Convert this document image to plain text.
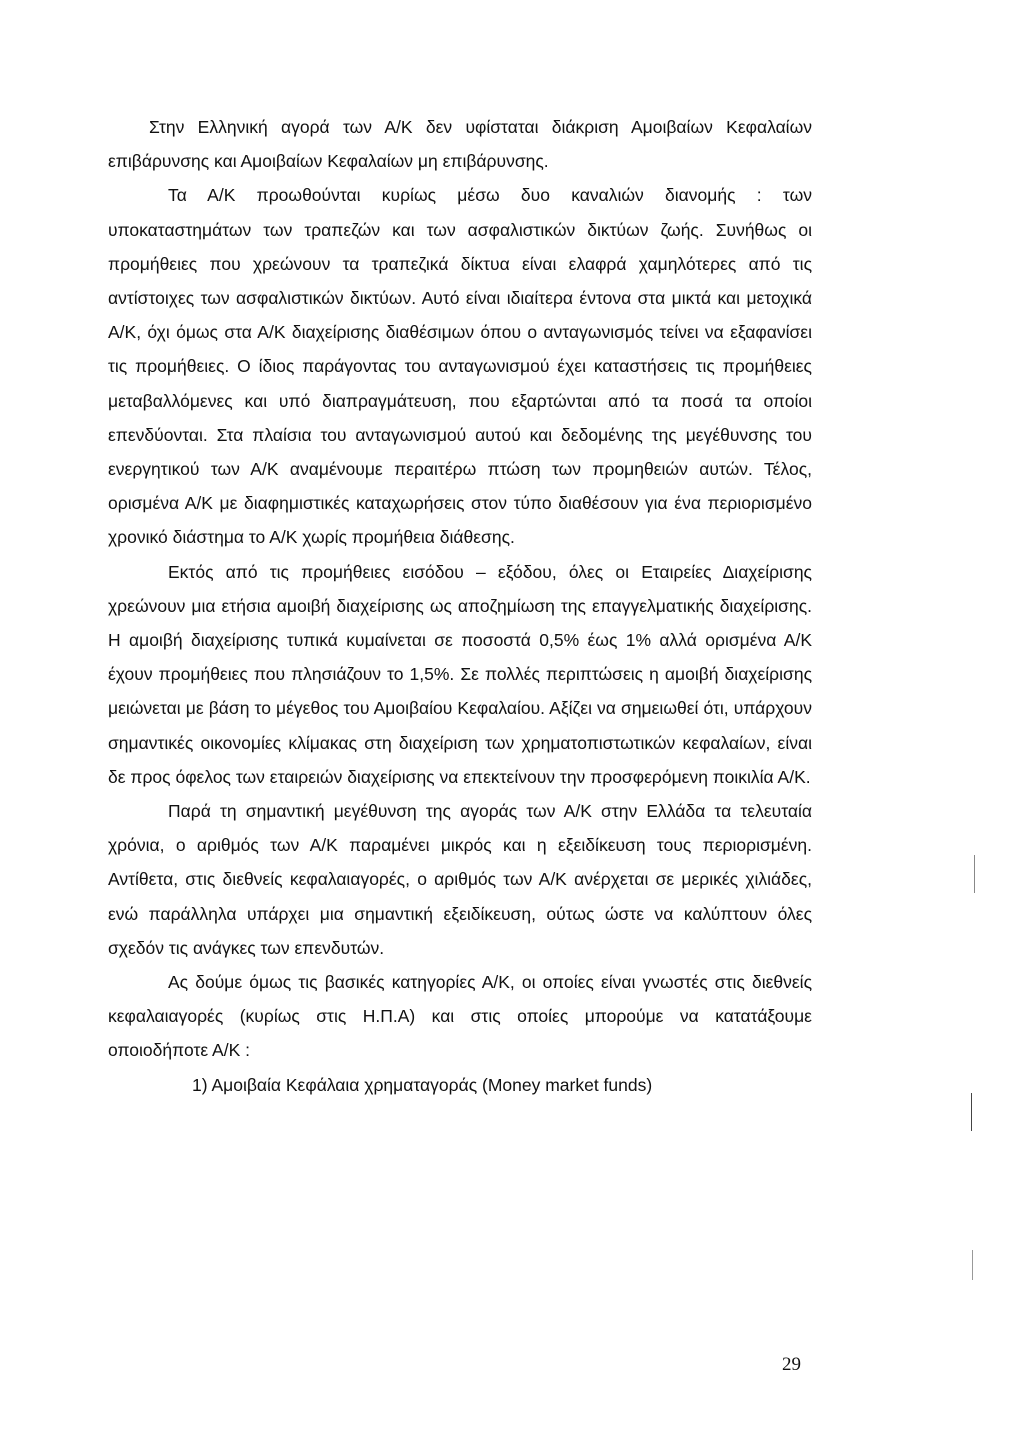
Στην Ελληνική αγορά των Α/Κ δεν υφίσταται διάκριση Αμοιβαίων Κεφαλαίων επιβάρυνσης και Αμοιβαίων Κεφαλαίων μη επιβάρυνσης.

Τα Α/Κ προωθούνται κυρίως μέσω δυο καναλιών διανομής : των υποκαταστημάτων των τραπεζών και των ασφαλιστικών δικτύων ζωής. Συνήθως οι προμήθειες που χρεώνουν τα τραπεζικά δίκτυα είναι ελαφρά χαμηλότερες από τις αντίστοιχες των ασφαλιστικών δικτύων. Αυτό είναι ιδιαίτερα έντονα στα μικτά και μετοχικά Α/Κ, όχι όμως στα Α/Κ διαχείρισης διαθέσιμων όπου ο ανταγωνισμός τείνει να εξαφανίσει τις προμήθειες. Ο ίδιος παράγοντας του ανταγωνισμού έχει καταστήσεις τις προμήθειες μεταβαλλόμενες και υπό διαπραγμάτευση, που εξαρτώνται από τα ποσά τα οποίοι επενδύονται. Στα πλαίσια του ανταγωνισμού αυτού και δεδομένης της μεγέθυνσης του ενεργητικού των Α/Κ αναμένουμε περαιτέρω πτώση των προμηθειών αυτών. Τέλος, ορισμένα Α/Κ με διαφημιστικές καταχωρήσεις στον τύπο διαθέσουν για ένα περιορισμένο χρονικό διάστημα το Α/Κ χωρίς προμήθεια διάθεσης.

Εκτός από τις προμήθειες εισόδου – εξόδου, όλες οι Εταιρείες Διαχείρισης χρεώνουν μια ετήσια αμοιβή διαχείρισης ως αποζημίωση της επαγγελματικής διαχείρισης. Η αμοιβή διαχείρισης τυπικά κυμαίνεται σε ποσοστά 0,5% έως 1% αλλά ορισμένα Α/Κ έχουν προμήθειες που πλησιάζουν το 1,5%. Σε πολλές περιπτώσεις η αμοιβή διαχείρισης μειώνεται με βάση το μέγεθος του Αμοιβαίου Κεφαλαίου. Αξίζει να σημειωθεί ότι, υπάρχουν σημαντικές οικονομίες κλίμακας στη διαχείριση των χρηματοπιστωτικών κεφαλαίων, είναι δε προς όφελος των εταιρειών διαχείρισης να επεκτείνουν την προσφερόμενη ποικιλία Α/Κ.

Παρά τη σημαντική μεγέθυνση της αγοράς των Α/Κ στην Ελλάδα τα τελευταία χρόνια, ο αριθμός των Α/Κ παραμένει μικρός και η εξειδίκευση τους περιορισμένη. Αντίθετα, στις διεθνείς κεφαλαιαγορές, ο αριθμός των Α/Κ ανέρχεται σε μερικές χιλιάδες, ενώ παράλληλα υπάρχει μια σημαντική εξειδίκευση, ούτως ώστε να καλύπτουν όλες σχεδόν τις ανάγκες των επενδυτών.

Ας δούμε όμως τις βασικές κατηγορίες Α/Κ, οι οποίες είναι γνωστές στις διεθνείς κεφαλαιαγορές (κυρίως στις Η.Π.Α) και στις οποίες μπορούμε να κατατάξουμε οποιοδήποτε Α/Κ :

1) Αμοιβαία Κεφάλαια χρηματαγοράς (Money market funds)

29
